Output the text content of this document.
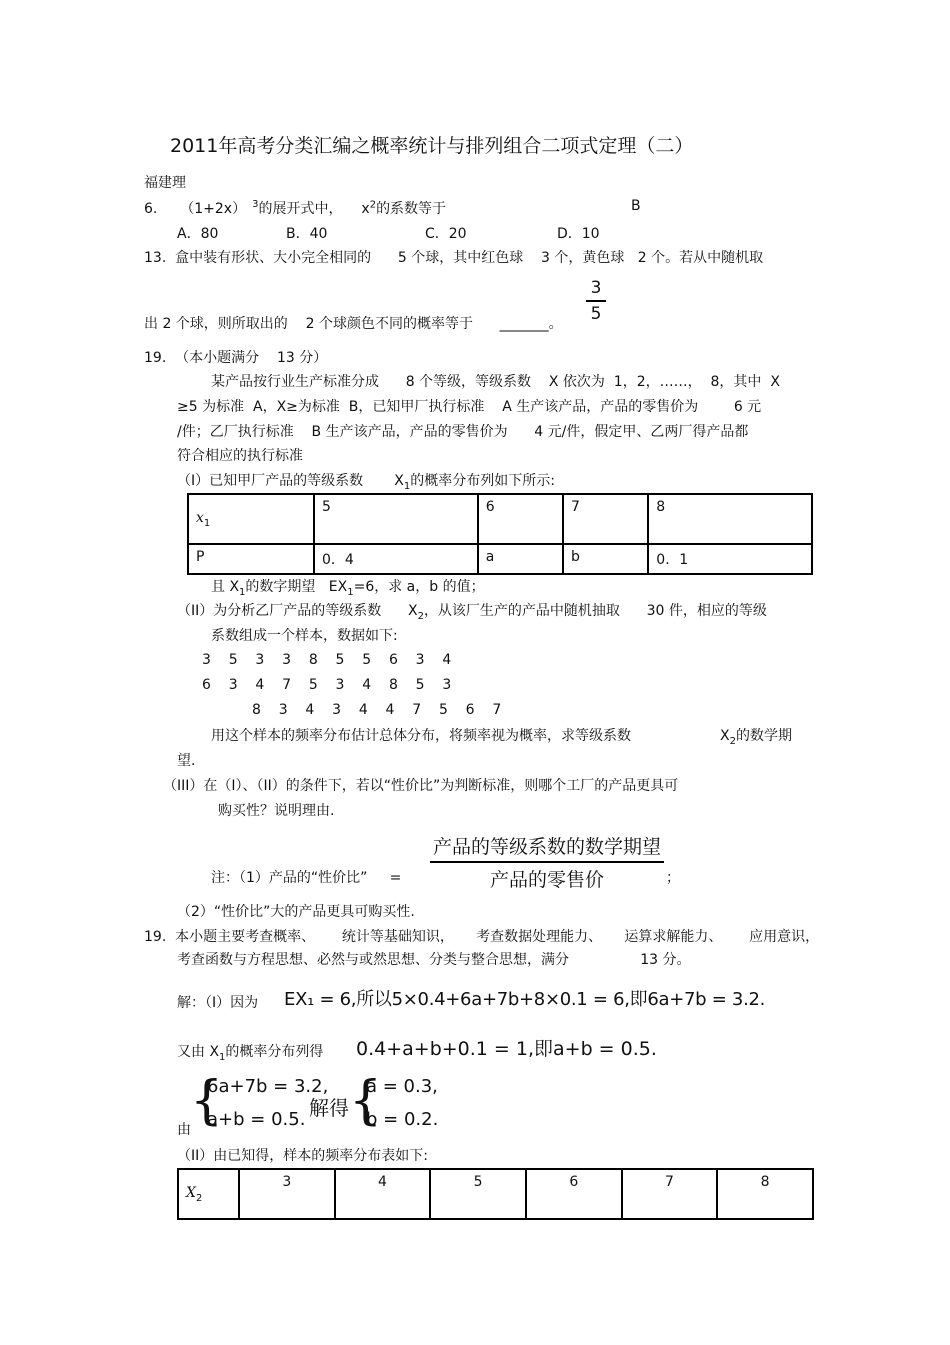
2011年高考分类汇编之概率统计与排列组合二项式定理（二）
福建理
6. （1+2x） $^3$的展开式中， $x^2$的系数等于	B
A．80	B．40	C．20	D．10
13.  盒中装有形状、大小完全相同的      5 个球，其中红色球    3 个，黄色球   2 个。若从中随机取
出 2 个球，则所取出的    2 个球颜色不同的概率等于      _______。
3
5
19.  （本小题满分    13 分）
某产品按行业生产标准分成      8 个等级，等级系数    X 依次为  1，2，……，  8，其中  X
≥5 为标准  A，X≥为标准  B，已知甲厂执行标准    A 生产该产品，产品的零售价为        6 元
/件；乙厂执行标准    B 生产该产品，产品的零售价为      4 元/件，假定甲、乙两厂得产品都
符合相应的执行标准
（I）已知甲厂产品的等级系数       $X_1$的概率分布列如下所示:
$x_1$	5	6	7	8
P	0．4	a	b	0．1
且 $X_1$的数字期望   $EX_1=6$，求 a，b 的值；
（II）为分析乙厂产品的等级系数      $X_2$，从该厂生产的产品中随机抽取      30 件，相应的等级
系数组成一个样本，数据如下:
3    5    3    3    8    5    5    6    3    4
6    3    4    7    5    3    4    8    5    3
8    3    4    3    4    4    7    5    6    7
用这个样本的频率分布估计总体分布，将频率视为概率，求等级系数	$X_2$的数学期
望.
（III）在（I）、（II）的条件下，若以“性价比”为判断标准，则哪个工厂的产品更具可
购买性？说明理由.
注：（1）产品的“性价比”     =
产品的等级系数的数学期望
产品的零售价	；
（2）“性价比”大的产品更具可购买性.
19.  本小题主要考查概率、      统计等基础知识，     考查数据处理能力、     运算求解能力、      应用意识，
考查函数与方程思想、必然与或然思想、分类与整合思想，满分                13 分。
解：（I）因为 EX₁ = 6,所以5×0.4+6a+7b+8×0.1 = 6,即6a+7b = 3.2.
又由 $X_1$的概率分布列得 0.4+a+b+0.1 = 1,即a+b = 0.5.
由 {
6a+7b = 3.2,
a+b = 0.5. 解得 {
a = 0.3,
b = 0.2.
（II）由已知得，样本的频率分布表如下:
$X_2$	3	4	5	6	7	8
